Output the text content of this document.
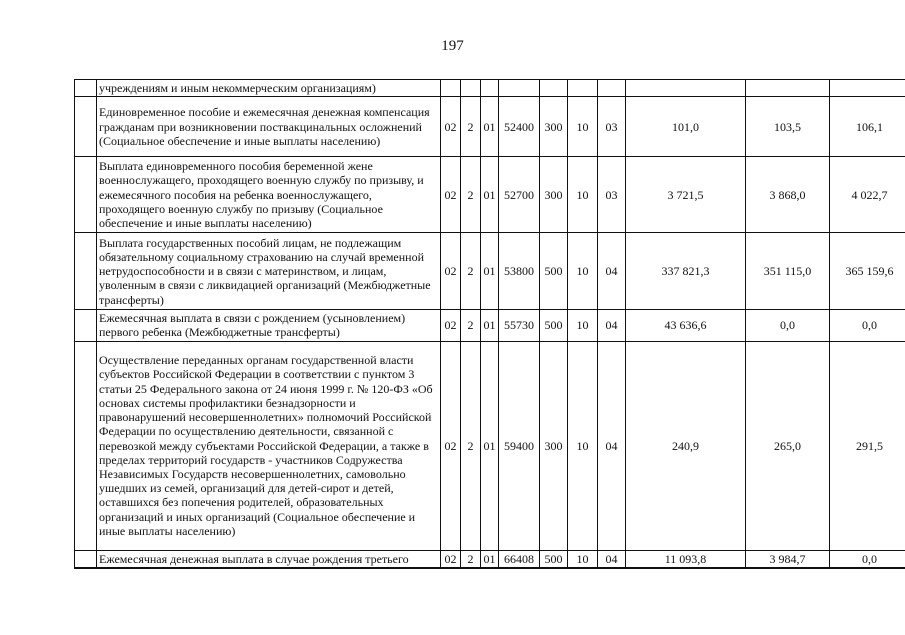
197
	учреждениям и иным некоммерческим организациям)										
	Единовременное пособие и ежемесячная денежная компенсация гражданам при возникновении поствакцинальных осложнений (Социальное обеспечение и иные выплаты населению)	02	2	01	52400	300	10	03	101,0	103,5	106,1
	Выплата единовременного пособия беременной жене военнослужащего, проходящего военную службу по призыву, и ежемесячного пособия на ребенка военнослужащего, проходящего военную службу по призыву (Социальное обеспечение и иные выплаты населению)	02	2	01	52700	300	10	03	3 721,5	3 868,0	4 022,7
	Выплата государственных пособий лицам, не подлежащим обязательному социальному страхованию на случай временной нетрудоспособности и в связи с материнством, и лицам, уволенным в связи с ликвидацией организаций (Межбюджетные трансферты)	02	2	01	53800	500	10	04	337 821,3	351 115,0	365 159,6
	Ежемесячная выплата в связи с рождением (усыновлением) первого ребенка (Межбюджетные трансферты)	02	2	01	55730	500	10	04	43 636,6	0,0	0,0
	Осуществление переданных органам государственной власти субъектов Российской Федерации в соответствии с пунктом 3 статьи 25 Федерального закона от 24 июня 1999 г. № 120-ФЗ «Об основах системы профилактики безнадзорности и правонарушений несовершеннолетних» полномочий Российской Федерации по осуществлению деятельности, связанной с перевозкой между субъектами Российской Федерации, а также в пределах территорий государств - участников Содружества Независимых Государств несовершеннолетних, самовольно ушедших из семей, организаций для детей-сирот и детей, оставшихся без попечения родителей, образовательных организаций и иных организаций (Социальное обеспечение и иные выплаты населению)	02	2	01	59400	300	10	04	240,9	265,0	291,5
	Ежемесячная денежная выплата в случае рождения третьего	02	2	01	66408	500	10	04	11 093,8	3 984,7	0,0
